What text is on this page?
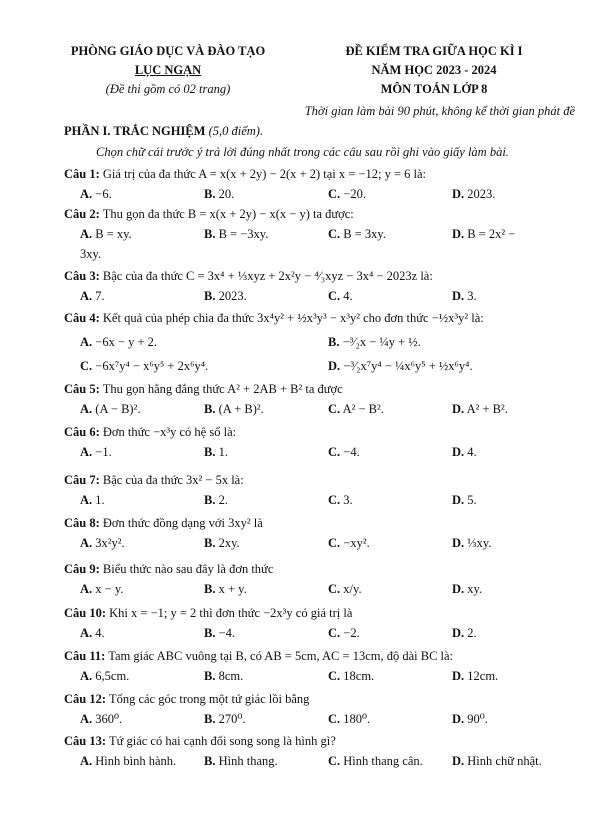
PHÒNG GIÁO DỤC VÀ ĐÀO TẠO
LỤC NGẠN
(Đề thi gồm có 02 trang)
ĐỀ KIỂM TRA GIỮA HỌC KÌ I
NĂM HỌC 2023 - 2024
MÔN TOÁN LỚP 8
Thời gian làm bài 90 phút, không kể thời gian phát đề
PHẦN I. TRẮC NGHIỆM (5,0 điểm).
Chọn chữ cái trước ý trả lời đúng nhất trong các câu sau rồi ghi vào giấy làm bài.
Câu 1: Giá trị của đa thức A = x(x + 2y) − 2(x + 2) tại x = −12; y = 6 là:
A. −6.	B. 20.	C. −20.	D. 2023.
Câu 2: Thu gọn đa thức B = x(x + 2y) − x(x − y) ta được:
A. B = xy.	B. B = −3xy.	C. B = 3xy.	D. B = 2x² −
3xy.
Câu 3: Bậc của đa thức C = 3x⁴ + ⅓xyz + 2x²y − ⁴⁄₃xyz − 3x⁴ − 2023z là:
A. 7.	B. 2023.	C. 4.	D. 3.
Câu 4: Kết quả của phép chia đa thức 3x⁴y² + ½x³y³ − x³y² cho đơn thức −½x³y² là:
A. −6x − y + 2.	B. −³⁄₂x − ¼y + ½.
C. −6x⁷y⁴ − x⁶y⁵ + 2x⁶y⁴.	D. −³⁄₂x⁷y⁴ − ¼x⁶y⁵ + ½x⁶y⁴.
Câu 5: Thu gọn hằng đẳng thức A² + 2AB + B² ta được
A. (A − B)².	B. (A + B)².	C. A² − B².	D. A² + B².
Câu 6: Đơn thức −x³y có hệ số là:
A. −1.	B. 1.	C. −4.	D. 4.
Câu 7: Bậc của đa thức 3x² − 5x là:
A. 1.	B. 2.	C. 3.	D. 5.
Câu 8: Đơn thức đồng dạng với 3xy² là
A. 3x²y².	B. 2xy.	C. −xy².	D. ⅓xy.
Câu 9: Biểu thức nào sau đây là đơn thức
A. x − y.	B. x + y.	C. x/y.	D. xy.
Câu 10: Khi x = −1; y = 2 thì đơn thức −2x³y có giá trị là
A. 4.	B. −4.	C. −2.	D. 2.
Câu 11: Tam giác ABC vuông tại B, có AB = 5cm, AC = 13cm, độ dài BC là:
A. 6,5cm.	B. 8cm.	C. 18cm.	D. 12cm.
Câu 12: Tổng các góc trong một tứ giác lồi bằng
A. 360⁰.	B. 270⁰.	C. 180⁰.	D. 90⁰.
Câu 13: Tứ giác có hai cạnh đối song song là hình gì?
A. Hình bình hành.	B. Hình thang.	C. Hình thang cân.	D. Hình chữ nhật.
